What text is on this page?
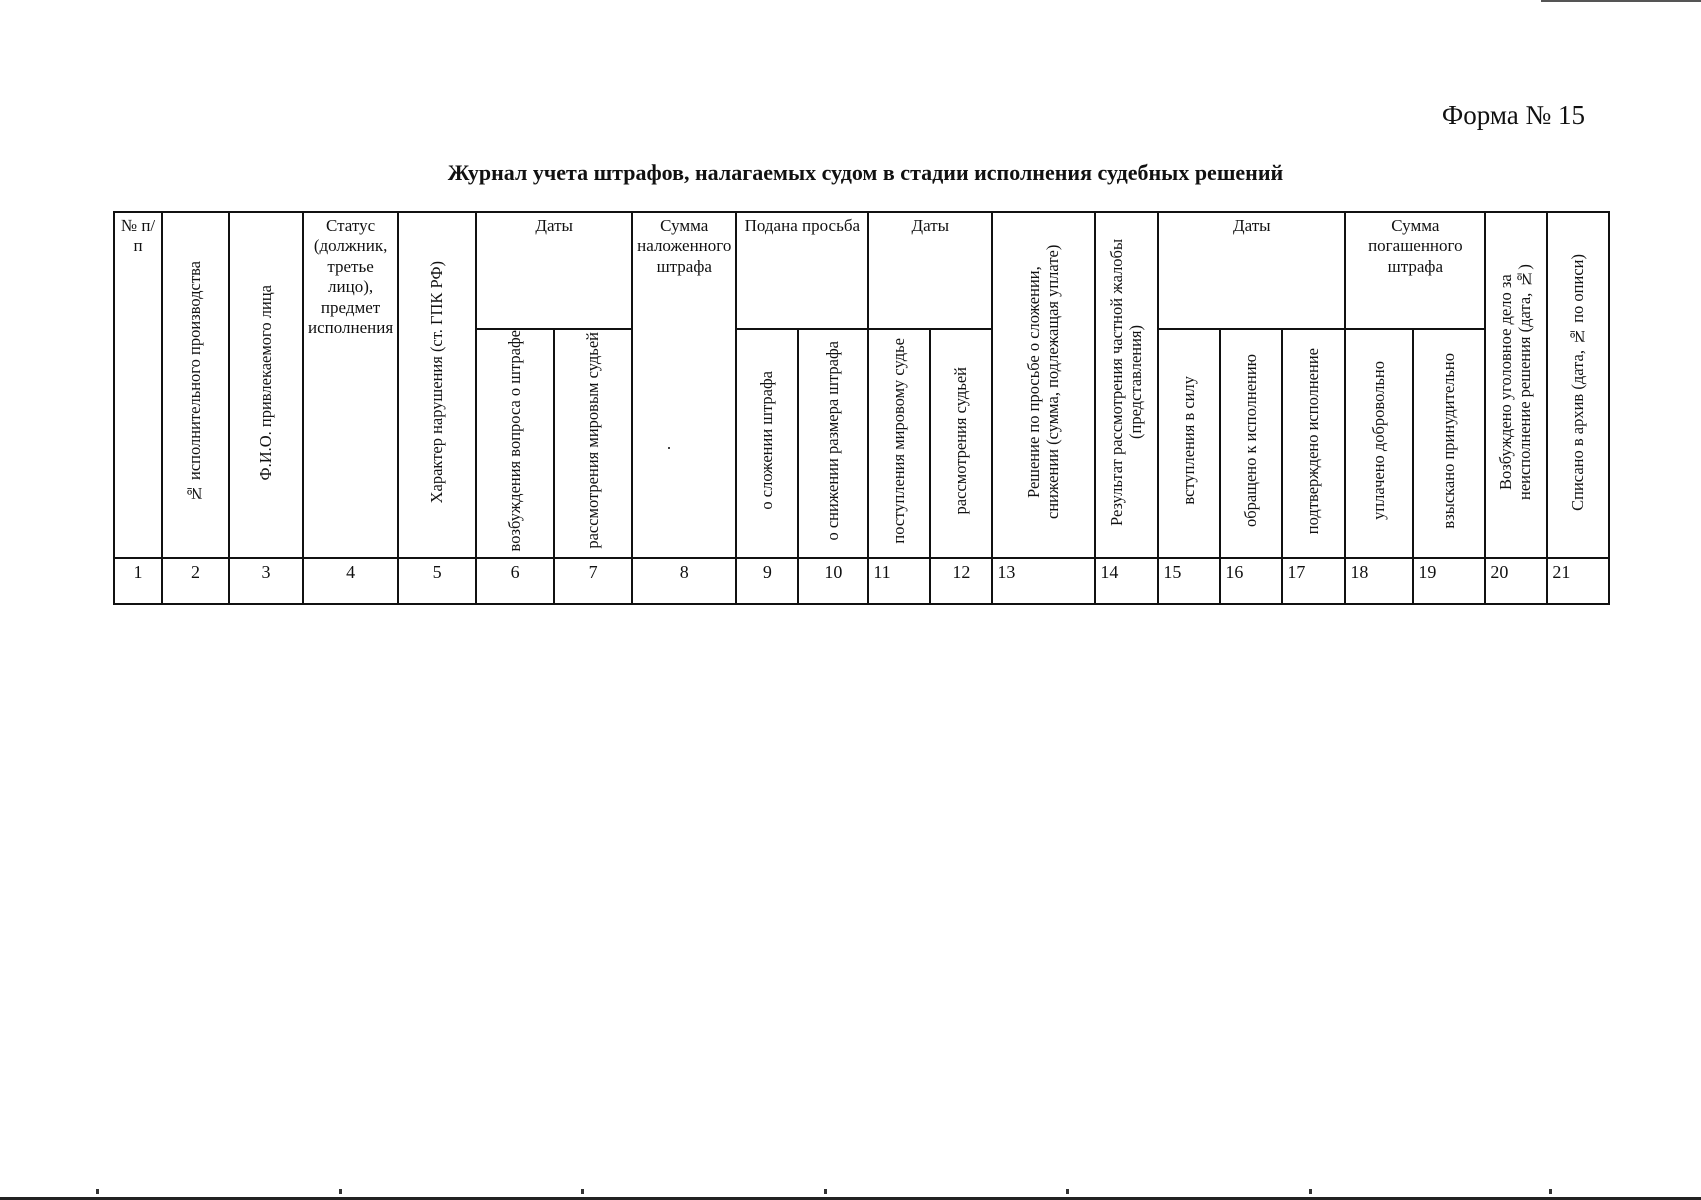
Форма № 15
Журнал учета штрафов, налагаемых судом в стадии исполнения судебных решений
№ п/п	№ исполнительного производства	Ф.И.О. привлекаемого лица	Статус (должник, третье лицо), предмет исполнения	Характер нарушения (ст. ГПК РФ)	Даты		Сумма наложенного штрафа	Подана просьба		Даты		Решение по просьбе о сложении, снижении (сумма, подлежащая уплате)	Результат рассмотрения частной жалобы (представления)	Даты			Сумма погашенного штрафа		Возбуждено уголовное дело за неисполнение решения (дата, №)	Списано в архив (дата, № по описи)
					возбуждения вопроса о штрафе	рассмотрения мировым судьей		о сложении штрафа	о снижении размера штрафа	поступления мировому судье	рассмотрения судьей			вступления в силу	обращено к исполнению	подтверждено исполнение	уплачено добровольно	взыскано принудительно		
1	2	3	4	5	6	7	8	9	10	11	12	13	14	15	16	17	18	19	20	21
